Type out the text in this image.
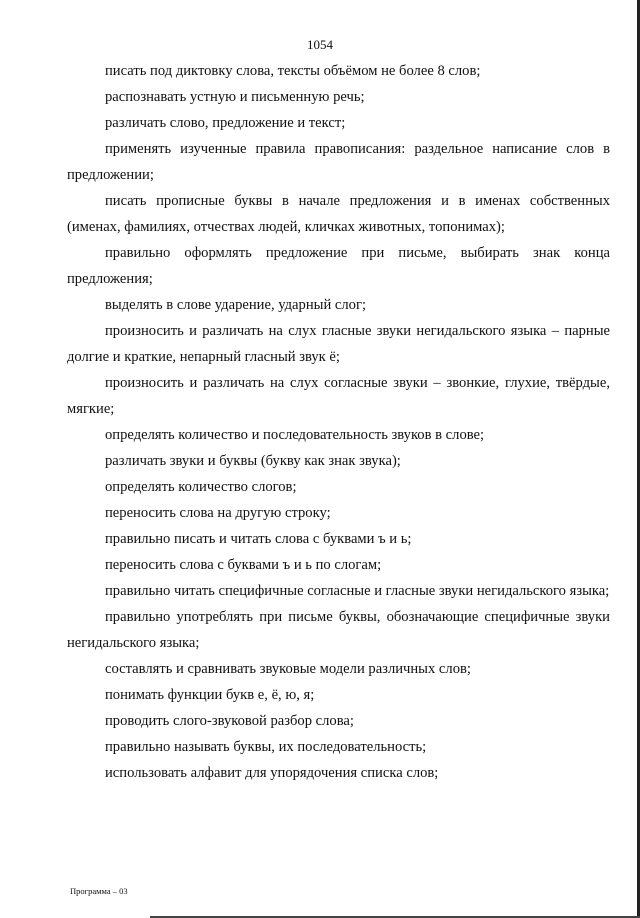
1054

писать под диктовку слова, тексты объёмом не более 8 слов;

распознавать устную и письменную речь;

различать слово, предложение и текст;

применять изученные правила правописания: раздельное написание слов в предложении;

писать прописные буквы в начале предложения и в именах собственных (именах, фамилиях, отчествах людей, кличках животных, топонимах);

правильно оформлять предложение при письме, выбирать знак конца предложения;

выделять в слове ударение, ударный слог;

произносить и различать на слух гласные звуки негидальского языка – парные долгие и краткие, непарный гласный звук ё;

произносить и различать на слух согласные звуки – звонкие, глухие, твёрдые, мягкие;

определять количество и последовательность звуков в слове;

различать звуки и буквы (букву как знак звука);

определять количество слогов;

переносить слова на другую строку;

правильно писать и читать слова с буквами ъ и ь;

переносить слова с буквами ъ и ь по слогам;

правильно читать специфичные согласные и гласные звуки негидальского языка;

правильно употреблять при письме буквы, обозначающие специфичные звуки негидальского языка;

составлять и сравнивать звуковые модели различных слов;

понимать функции букв е, ё, ю, я;

проводить слого-звуковой разбор слова;

правильно называть буквы, их последовательность;

использовать алфавит для упорядочения списка слов;

Программа – 03
